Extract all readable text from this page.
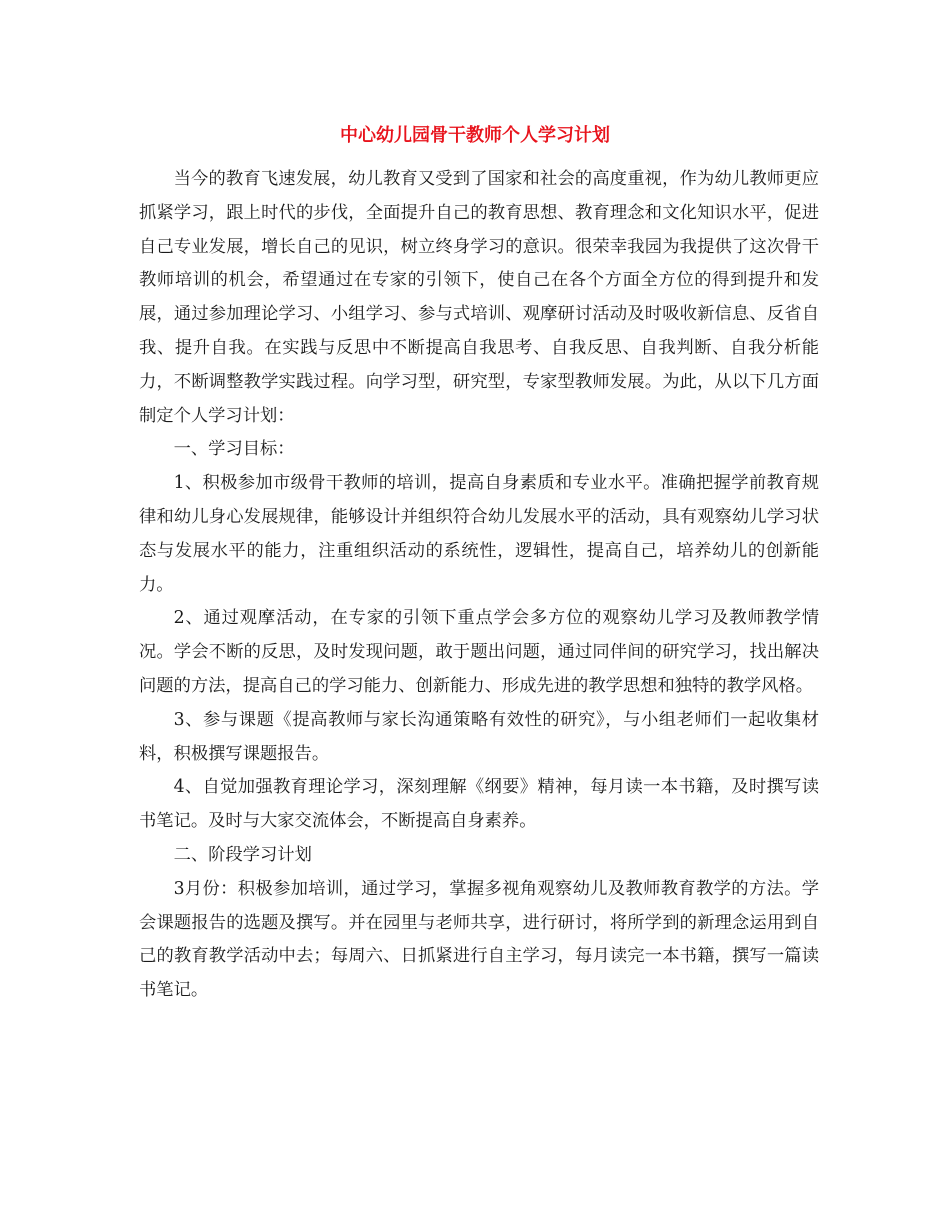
中心幼儿园骨干教师个人学习计划

当今的教育飞速发展，幼儿教育又受到了国家和社会的高度重视，作为幼儿教师更应抓紧学习，跟上时代的步伐，全面提升自己的教育思想、教育理念和文化知识水平，促进自己专业发展，增长自己的见识，树立终身学习的意识。很荣幸我园为我提供了这次骨干教师培训的机会，希望通过在专家的引领下，使自己在各个方面全方位的得到提升和发展，通过参加理论学习、小组学习、参与式培训、观摩研讨活动及时吸收新信息、反省自我、提升自我。在实践与反思中不断提高自我思考、自我反思、自我判断、自我分析能力，不断调整教学实践过程。向学习型，研究型，专家型教师发展。为此，从以下几方面制定个人学习计划：

一、学习目标：

1、积极参加市级骨干教师的培训，提高自身素质和专业水平。准确把握学前教育规律和幼儿身心发展规律，能够设计并组织符合幼儿发展水平的活动，具有观察幼儿学习状态与发展水平的能力，注重组织活动的系统性，逻辑性，提高自己，培养幼儿的创新能力。

2、通过观摩活动，在专家的引领下重点学会多方位的观察幼儿学习及教师教学情况。学会不断的反思，及时发现问题，敢于题出问题，通过同伴间的研究学习，找出解决问题的方法，提高自己的学习能力、创新能力、形成先进的教学思想和独特的教学风格。

3、参与课题《提高教师与家长沟通策略有效性的研究》，与小组老师们一起收集材料，积极撰写课题报告。

4、自觉加强教育理论学习，深刻理解《纲要》精神，每月读一本书籍，及时撰写读书笔记。及时与大家交流体会，不断提高自身素养。

二、阶段学习计划

3月份：积极参加培训，通过学习，掌握多视角观察幼儿及教师教育教学的方法。学会课题报告的选题及撰写。并在园里与老师共享，进行研讨，将所学到的新理念运用到自己的教育教学活动中去；每周六、日抓紧进行自主学习，每月读完一本书籍，撰写一篇读书笔记。
